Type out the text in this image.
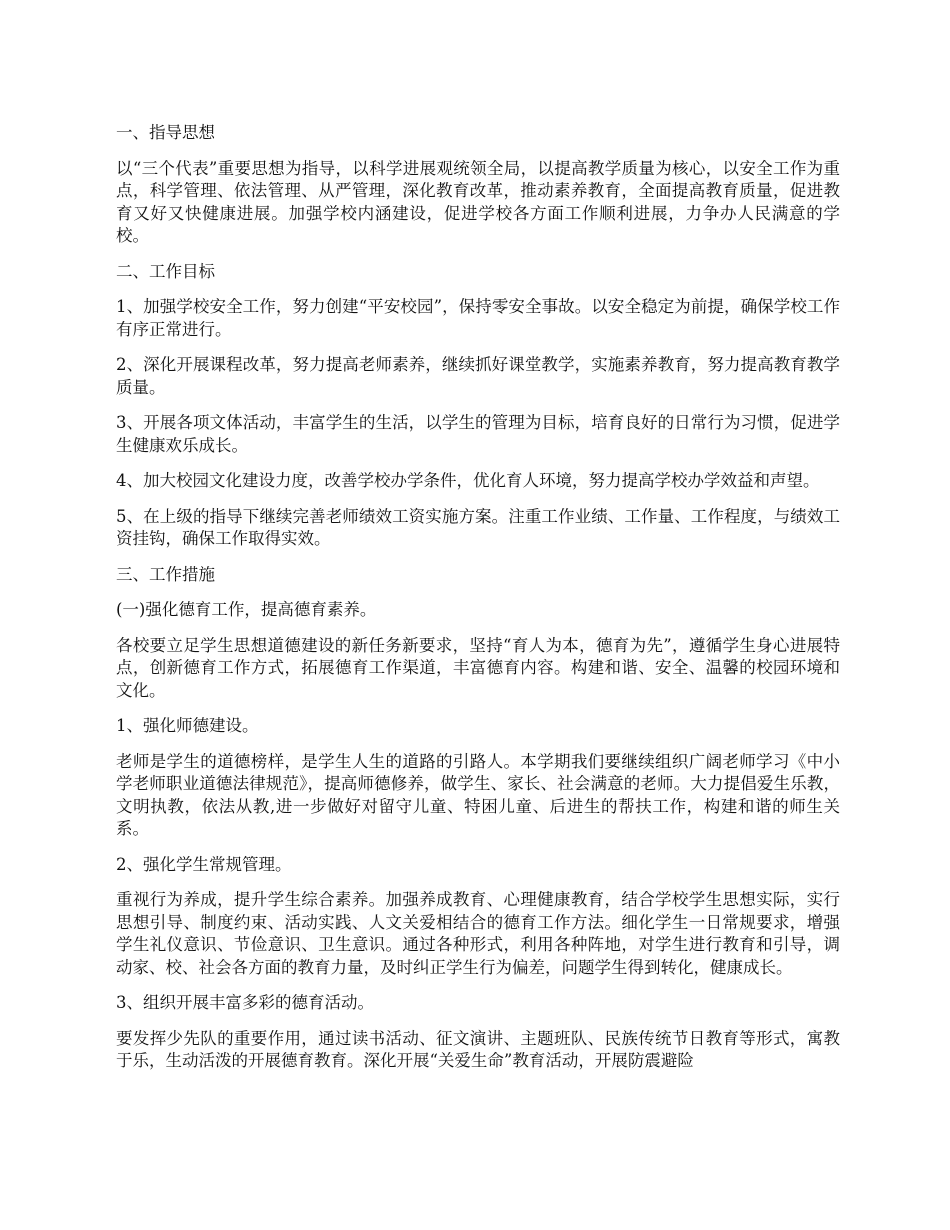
一、指导思想

以“三个代表”重要思想为指导，以科学进展观统领全局，以提高教学质量为核心，以安全工作为重点，科学管理、依法管理、从严管理，深化教育改革，推动素养教育，全面提高教育质量，促进教育又好又快健康进展。加强学校内涵建设，促进学校各方面工作顺利进展，力争办人民满意的学校。

二、工作目标

1、加强学校安全工作，努力创建“平安校园”，保持零安全事故。以安全稳定为前提，确保学校工作有序正常进行。

2、深化开展课程改革，努力提高老师素养，继续抓好课堂教学，实施素养教育，努力提高教育教学质量。

3、开展各项文体活动，丰富学生的生活，以学生的管理为目标，培育良好的日常行为习惯，促进学生健康欢乐成长。

4、加大校园文化建设力度，改善学校办学条件，优化育人环境，努力提高学校办学效益和声望。

5、在上级的指导下继续完善老师绩效工资实施方案。注重工作业绩、工作量、工作程度，与绩效工资挂钩，确保工作取得实效。

三、工作措施

(一)强化德育工作，提高德育素养。

各校要立足学生思想道德建设的新任务新要求，坚持“育人为本，德育为先”，遵循学生身心进展特点，创新德育工作方式，拓展德育工作渠道，丰富德育内容。构建和谐、安全、温馨的校园环境和文化。

1、强化师德建设。

老师是学生的道德榜样，是学生人生的道路的引路人。本学期我们要继续组织广阔老师学习《中小学老师职业道德法律规范》，提高师德修养，做学生、家长、社会满意的老师。大力提倡爱生乐教，文明执教，依法从教,进一步做好对留守儿童、特困儿童、后进生的帮扶工作，构建和谐的师生关系。

2、强化学生常规管理。

重视行为养成，提升学生综合素养。加强养成教育、心理健康教育，结合学校学生思想实际，实行思想引导、制度约束、活动实践、人文关爱相结合的德育工作方法。细化学生一日常规要求，增强学生礼仪意识、节俭意识、卫生意识。通过各种形式，利用各种阵地，对学生进行教育和引导，调动家、校、社会各方面的教育力量，及时纠正学生行为偏差，问题学生得到转化，健康成长。

3、组织开展丰富多彩的德育活动。

要发挥少先队的重要作用，通过读书活动、征文演讲、主题班队、民族传统节日教育等形式，寓教于乐，生动活泼的开展德育教育。深化开展“关爱生命”教育活动，开展防震避险
